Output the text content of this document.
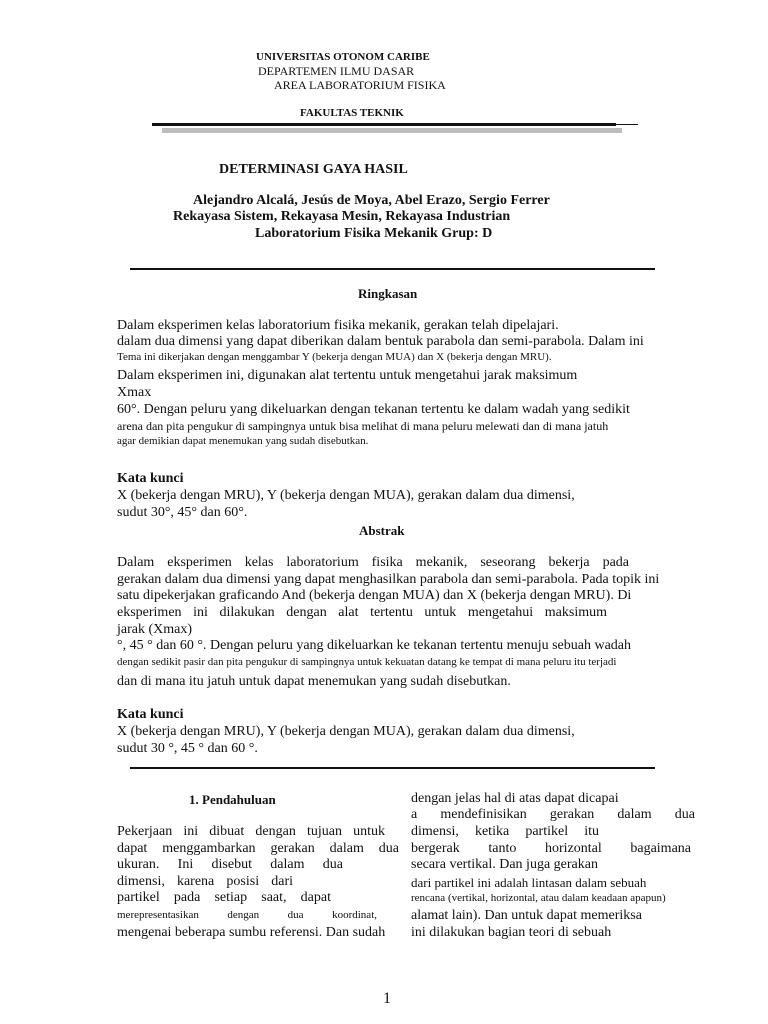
UNIVERSITAS OTONOM CARIBE
DEPARTEMEN ILMU DASAR
AREA LABORATORIUM FISIKA
FAKULTAS TEKNIK
DETERMINASI GAYA HASIL
Alejandro Alcalá, Jesús de Moya, Abel Erazo, Sergio Ferrer
Rekayasa Sistem, Rekayasa Mesin, Rekayasa Industrian
Laboratorium Fisika Mekanik Grup: D
Ringkasan
Dalam eksperimen kelas laboratorium fisika mekanik, gerakan telah dipelajari.
dalam dua dimensi yang dapat diberikan dalam bentuk parabola dan semi-parabola. Dalam ini
Tema ini dikerjakan dengan menggambar Y (bekerja dengan MUA) dan X (bekerja dengan MRU).
Dalam eksperimen ini, digunakan alat tertentu untuk mengetahui jarak maksimum
Xmax
60°. Dengan peluru yang dikeluarkan dengan tekanan tertentu ke dalam wadah yang sedikit
arena dan pita pengukur di sampingnya untuk bisa melihat di mana peluru melewati dan di mana jatuh
agar demikian dapat menemukan yang sudah disebutkan.
Kata kunci
X (bekerja dengan MRU), Y (bekerja dengan MUA), gerakan dalam dua dimensi,
sudut 30°, 45° dan 60°.
Abstrak
Dalam eksperimen kelas laboratorium fisika mekanik, seseorang bekerja pada
gerakan dalam dua dimensi yang dapat menghasilkan parabola dan semi-parabola. Pada topik ini
satu dipekerjakan graficando And (bekerja dengan MUA) dan X (bekerja dengan MRU). Di
eksperimen ini dilakukan dengan alat tertentu untuk mengetahui maksimum
jarak (Xmax)
°, 45 ° dan 60 °. Dengan peluru yang dikeluarkan ke tekanan tertentu menuju sebuah wadah
dengan sedikit pasir dan pita pengukur di sampingnya untuk kekuatan datang ke tempat di mana peluru itu terjadi
dan di mana itu jatuh untuk dapat menemukan yang sudah disebutkan.
Kata kunci
X (bekerja dengan MRU), Y (bekerja dengan MUA), gerakan dalam dua dimensi,
sudut 30 °, 45 ° dan 60 °.
1. Pendahuluan
Pekerjaan ini dibuat dengan tujuan untuk
dapat menggambarkan gerakan dalam dua
ukuran. Ini disebut dalam dua
dimensi, karena posisi dari
partikel pada setiap saat, dapat
merepresentasikan dengan dua koordinat,
mengenai beberapa sumbu referensi. Dan sudah
dengan jelas hal di atas dapat dicapai
a mendefinisikan gerakan dalam dua
dimensi, ketika partikel itu
bergerak tanto horizontal bagaimana
secara vertikal. Dan juga gerakan
dari partikel ini adalah lintasan dalam sebuah
rencana (vertikal, horizontal, atau dalam keadaan apapun)
alamat lain). Dan untuk dapat memeriksa
ini dilakukan bagian teori di sebuah
1
